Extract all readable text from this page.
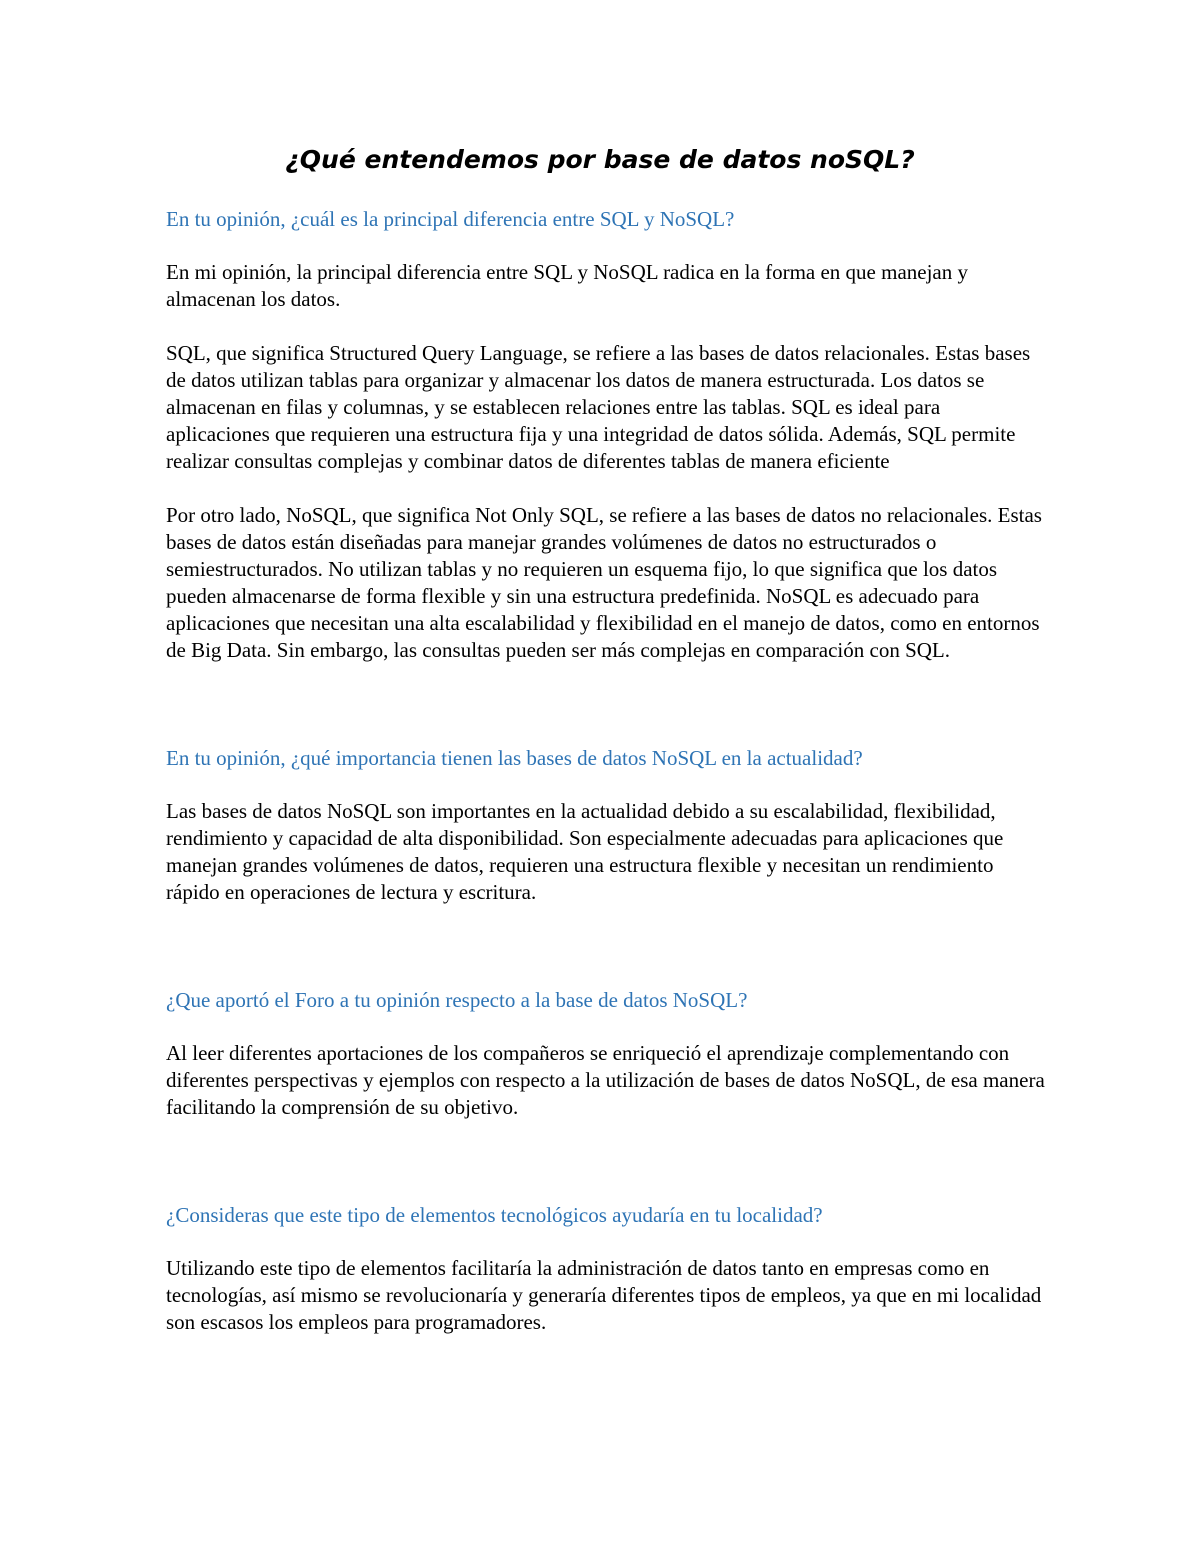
¿Qué entendemos por base de datos noSQL?

En tu opinión, ¿cuál es la principal diferencia entre SQL y NoSQL?

En mi opinión, la principal diferencia entre SQL y NoSQL radica en la forma en que manejan y almacenan los datos.

SQL, que significa Structured Query Language, se refiere a las bases de datos relacionales. Estas bases de datos utilizan tablas para organizar y almacenar los datos de manera estructurada. Los datos se almacenan en filas y columnas, y se establecen relaciones entre las tablas. SQL es ideal para aplicaciones que requieren una estructura fija y una integridad de datos sólida. Además, SQL permite realizar consultas complejas y combinar datos de diferentes tablas de manera eficiente

Por otro lado, NoSQL, que significa Not Only SQL, se refiere a las bases de datos no relacionales. Estas bases de datos están diseñadas para manejar grandes volúmenes de datos no estructurados o semiestructurados. No utilizan tablas y no requieren un esquema fijo, lo que significa que los datos pueden almacenarse de forma flexible y sin una estructura predefinida. NoSQL es adecuado para aplicaciones que necesitan una alta escalabilidad y flexibilidad en el manejo de datos, como en entornos de Big Data. Sin embargo, las consultas pueden ser más complejas en comparación con SQL.

En tu opinión, ¿qué importancia tienen las bases de datos NoSQL en la actualidad?

Las bases de datos NoSQL son importantes en la actualidad debido a su escalabilidad, flexibilidad, rendimiento y capacidad de alta disponibilidad. Son especialmente adecuadas para aplicaciones que manejan grandes volúmenes de datos, requieren una estructura flexible y necesitan un rendimiento rápido en operaciones de lectura y escritura.

¿Que aportó el Foro a tu opinión respecto a la base de datos NoSQL?

Al leer diferentes aportaciones de los compañeros se enriqueció el aprendizaje complementando con diferentes perspectivas y ejemplos con respecto a la utilización de bases de datos NoSQL, de esa manera facilitando la comprensión de su objetivo.

¿Consideras que este tipo de elementos tecnológicos ayudaría en tu localidad?

Utilizando este tipo de elementos facilitaría la administración de datos tanto en empresas como en tecnologías, así mismo se revolucionaría y generaría diferentes tipos de empleos, ya que en mi localidad son escasos los empleos para programadores.
